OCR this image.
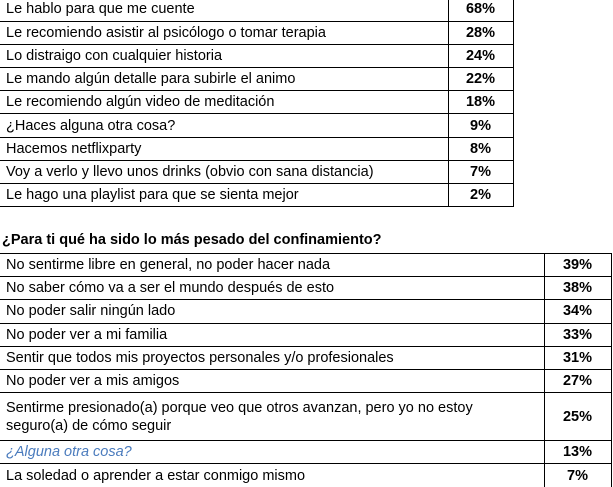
Le hablo para que me cuente	68%
Le recomiendo asistir al psicólogo o tomar terapia	28%
Lo distraigo con cualquier historia	24%
Le mando algún detalle para subirle el animo	22%
Le recomiendo algún video de meditación	18%
¿Haces alguna otra cosa?	9%
Hacemos netflixparty	8%
Voy a verlo y llevo unos drinks (obvio con sana distancia)	7%
Le hago una playlist para que se sienta mejor	2%

¿Para ti qué ha sido lo más pesado del confinamiento?

No sentirme libre en general, no poder hacer nada	39%
No saber cómo va a ser el mundo después de esto	38%
No poder salir ningún lado	34%
No poder ver a mi familia	33%
Sentir que todos mis proyectos personales y/o profesionales	31%
No poder ver a mis amigos	27%
Sentirme presionado(a) porque veo que otros avanzan, pero yo no estoy seguro(a) de cómo seguir	25%
¿Alguna otra cosa?	13%
La soledad o aprender a estar conmigo mismo	7%
